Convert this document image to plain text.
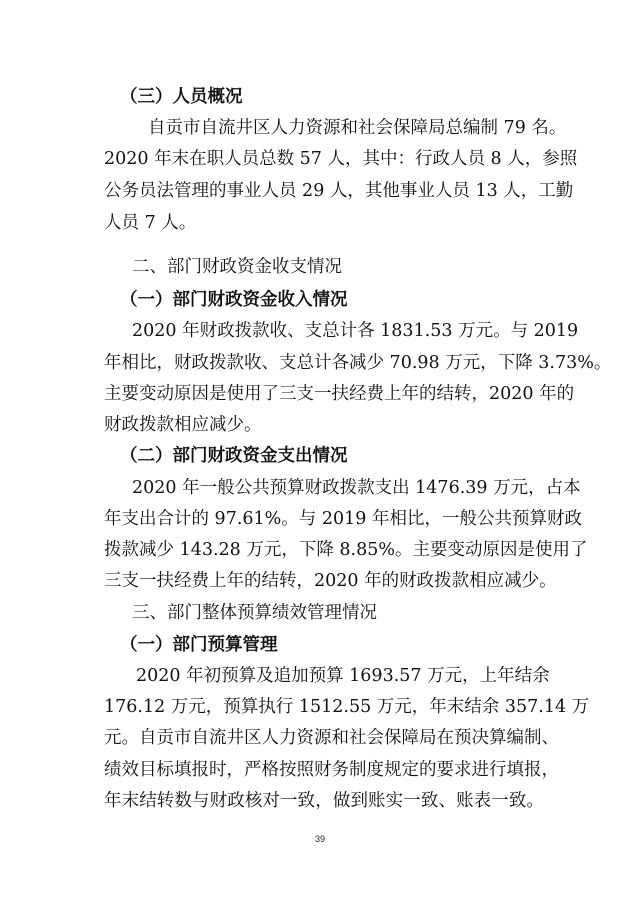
（三）人员概况
自贡市自流井区人力资源和社会保障局总编制 79 名。
2020 年末在职人员总数 57 人，其中：行政人员 8 人，参照
公务员法管理的事业人员 29 人，其他事业人员 13 人，工勤
人员 7 人。
二、部门财政资金收支情况
（一）部门财政资金收入情况
2020 年财政拨款收、支总计各 1831.53 万元。与 2019
年相比，财政拨款收、支总计各减少 70.98 万元，下降 3.73%。
主要变动原因是使用了三支一扶经费上年的结转，2020 年的
财政拨款相应减少。
（二）部门财政资金支出情况
2020 年一般公共预算财政拨款支出 1476.39 万元，占本
年支出合计的 97.61%。与 2019 年相比，一般公共预算财政
拨款减少 143.28 万元，下降 8.85%。主要变动原因是使用了
三支一扶经费上年的结转，2020 年的财政拨款相应减少。
三、部门整体预算绩效管理情况
（一）部门预算管理
2020 年初预算及追加预算 1693.57 万元，上年结余
176.12 万元，预算执行 1512.55 万元，年末结余 357.14 万
元。自贡市自流井区人力资源和社会保障局在预决算编制、
绩效目标填报时，严格按照财务制度规定的要求进行填报，
年末结转数与财政核对一致，做到账实一致、账表一致。
39
